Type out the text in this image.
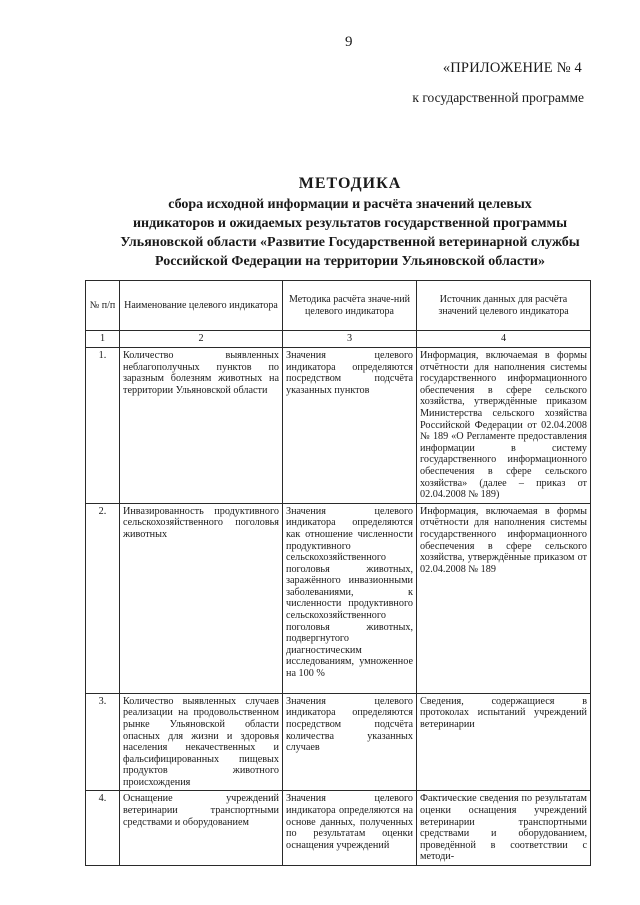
9
«ПРИЛОЖЕНИЕ № 4
к государственной программе
МЕТОДИКА
сбора исходной информации и расчёта значений целевых
индикаторов и ожидаемых результатов государственной программы
Ульяновской области «Развитие Государственной ветеринарной службы
Российской Федерации на территории Ульяновской области»
№ п/п	Наименование целевого индикатора	Методика расчёта значе-ний целевого индикатора	Источник данных для расчёта значений целевого индикатора
1	2	3	4
1.	Количество выявленных неблагополучных пунктов по заразным болезням животных на территории Ульяновской области	Значения целевого индикатора определяются посредством подсчёта указанных пунктов	Информация, включаемая в формы отчётности для наполнения системы государственного информационного обеспечения в сфере сельского хозяйства, утверждённые приказом Министерства сельского хозяйства Российской Федерации от 02.04.2008 № 189 «О Регламенте предоставления информации в систему государственного информационного обеспечения в сфере сельского хозяйства» (далее – приказ от 02.04.2008 № 189)
2.	Инвазированность продуктивного сельскохозяйственного поголовья животных	Значения целевого индикатора определяются как отношение численности продуктивного сельскохозяйственного поголовья животных, заражённого инвазионными заболеваниями, к численности продуктивного сельскохозяйственного поголовья животных, подвергнутого диагностическим исследованиям, умноженное на 100 %	Информация, включаемая в формы отчётности для наполнения системы государственного информационного обеспечения в сфере сельского хозяйства, утверждённые приказом от 02.04.2008 № 189
3.	Количество выявленных случаев реализации на продовольственном рынке Ульяновской области опасных для жизни и здоровья населения некачественных и фальсифицированных пищевых продуктов животного происхождения	Значения целевого индикатора определяются посредством подсчёта количества указанных случаев	Сведения, содержащиеся в протоколах испытаний учреждений ветеринарии
4.	Оснащение учреждений ветеринарии транспортными средствами и оборудованием	Значения целевого индикатора определяются на основе данных, полученных по результатам оценки оснащения учреждений	Фактические сведения по результатам оценки оснащения учреждений ветеринарии транспортными средствами и оборудованием, проведённой в соответствии с методи-
